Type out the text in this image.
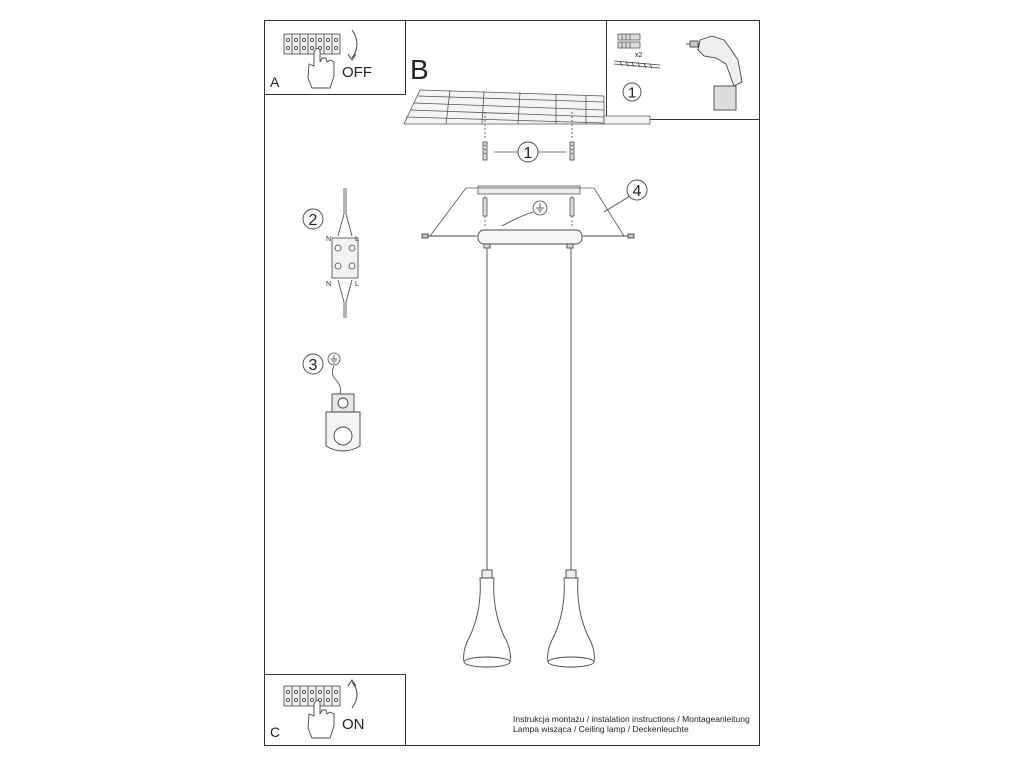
A
OFF
C	ON
B	x2
1
1
4
2
N	L
N	L
3
Instrukcja montażu / instalation instructions / Montageanleitung
Lampa wisząca / Ceiling lamp / Deckenleuchte
